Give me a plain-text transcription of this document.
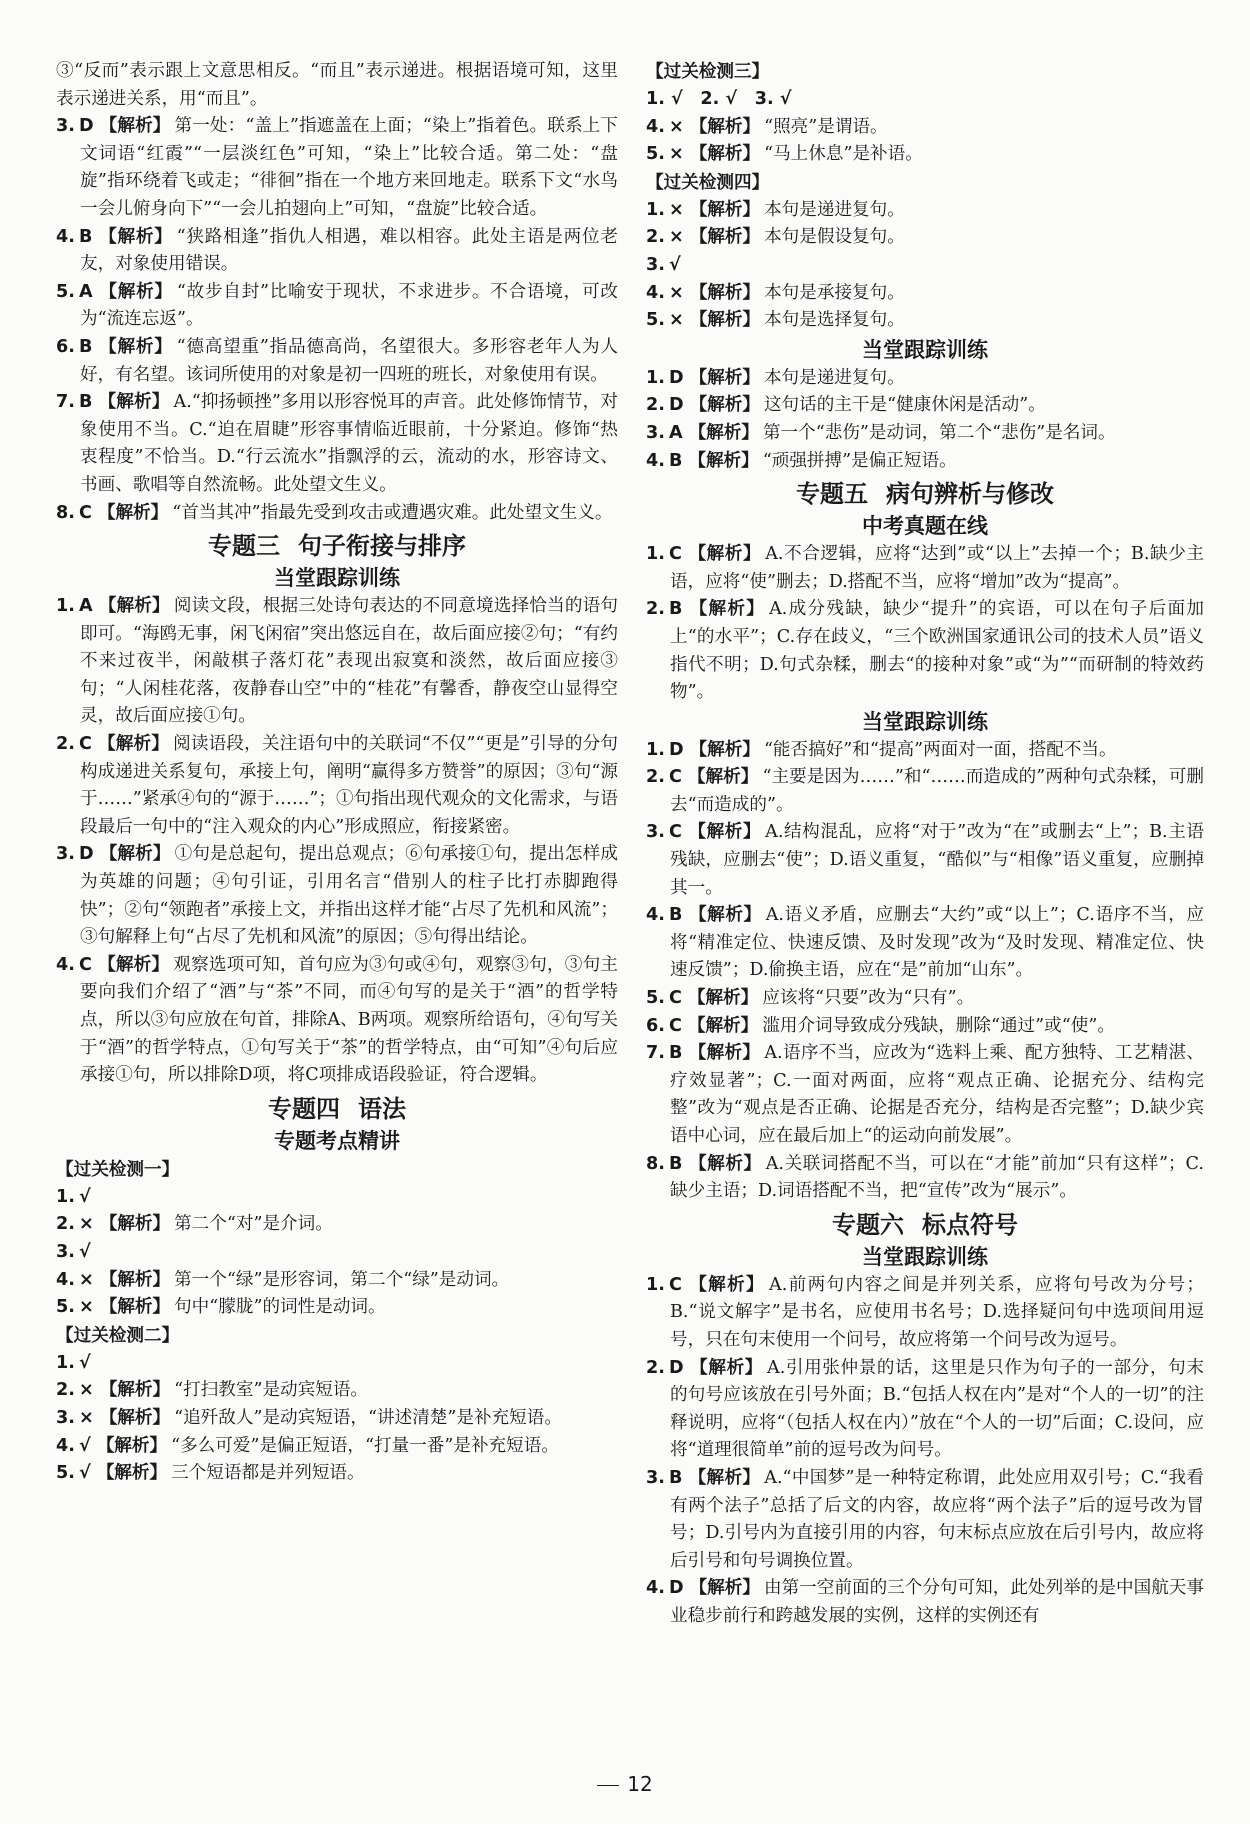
③“反而”表示跟上文意思相反。“而且”表示递进。根据语境可知，这里表示递进关系，用“而且”。

3. D 【解析】 第一处：“盖上”指遮盖在上面；“染上”指着色。联系上下文词语“红霞”“一层淡红色”可知，“染上”比较合适。第二处：“盘旋”指环绕着飞或走；“徘徊”指在一个地方来回地走。联系下文“水鸟一会儿俯身向下”“一会儿拍翅向上”可知，“盘旋”比较合适。

4. B 【解析】 “狭路相逢”指仇人相遇，难以相容。此处主语是两位老友，对象使用错误。

5. A 【解析】 “故步自封”比喻安于现状，不求进步。不合语境，可改为“流连忘返”。

6. B 【解析】 “德高望重”指品德高尚，名望很大。多形容老年人为人好，有名望。该词所使用的对象是初一四班的班长，对象使用有误。

7. B 【解析】 A.“抑扬顿挫”多用以形容悦耳的声音。此处修饰情节，对象使用不当。C.“迫在眉睫”形容事情临近眼前，十分紧迫。修饰“热衷程度”不恰当。D.“行云流水”指飘浮的云，流动的水，形容诗文、书画、歌唱等自然流畅。此处望文生义。

8. C 【解析】 “首当其冲”指最先受到攻击或遭遇灾难。此处望文生义。

专题三 句子衔接与排序
当堂跟踪训练

1. A 【解析】 阅读文段，根据三处诗句表达的不同意境选择恰当的语句即可。“海鸥无事，闲飞闲宿”突出悠远自在，故后面应接②句；“有约不来过夜半，闲敲棋子落灯花”表现出寂寞和淡然，故后面应接③句；“人闲桂花落，夜静春山空”中的“桂花”有馨香，静夜空山显得空灵，故后面应接①句。

2. C 【解析】 阅读语段，关注语句中的关联词“不仅”“更是”引导的分句构成递进关系复句，承接上句，阐明“赢得多方赞誉”的原因；③句“源于……”紧承④句的“源于……”；①句指出现代观众的文化需求，与语段最后一句中的“注入观众的内心”形成照应，衔接紧密。

3. D 【解析】 ①句是总起句，提出总观点；⑥句承接①句，提出怎样成为英雄的问题；④句引证，引用名言“借别人的柱子比打赤脚跑得快”；②句“领跑者”承接上文，并指出这样才能“占尽了先机和风流”；③句解释上句“占尽了先机和风流”的原因；⑤句得出结论。

4. C 【解析】 观察选项可知，首句应为③句或④句，观察③句，③句主要向我们介绍了“酒”与“茶”不同，而④句写的是关于“酒”的哲学特点，所以③句应放在句首，排除A、B两项。观察所给语句，④句写关于“酒”的哲学特点，①句写关于“茶”的哲学特点，由“可知”④句后应承接①句，所以排除D项，将C项排成语段验证，符合逻辑。

专题四 语法
专题考点精讲

【过关检测一】

1. √

2. × 【解析】 第二个“对”是介词。

3. √

4. × 【解析】 第一个“绿”是形容词，第二个“绿”是动词。

5. × 【解析】 句中“朦胧”的词性是动词。

【过关检测二】

1. √

2. × 【解析】 “打扫教室”是动宾短语。

3. × 【解析】 “追歼敌人”是动宾短语，“讲述清楚”是补充短语。

4. √ 【解析】 “多么可爱”是偏正短语，“打量一番”是补充短语。

5. √ 【解析】 三个短语都是并列短语。

【过关检测三】

1. √　2. √　3. √

4. × 【解析】 “照亮”是谓语。

5. × 【解析】 “马上休息”是补语。

【过关检测四】

1. × 【解析】 本句是递进复句。

2. × 【解析】 本句是假设复句。

3. √

4. × 【解析】 本句是承接复句。

5. × 【解析】 本句是选择复句。

当堂跟踪训练

1. D 【解析】 本句是递进复句。

2. D 【解析】 这句话的主干是“健康休闲是活动”。

3. A 【解析】 第一个“悲伤”是动词，第二个“悲伤”是名词。

4. B 【解析】 “顽强拼搏”是偏正短语。

专题五 病句辨析与修改
中考真题在线

1. C 【解析】 A.不合逻辑，应将“达到”或“以上”去掉一个；B.缺少主语，应将“使”删去；D.搭配不当，应将“增加”改为“提高”。

2. B 【解析】 A.成分残缺，缺少“提升”的宾语，可以在句子后面加上“的水平”；C.存在歧义，“三个欧洲国家通讯公司的技术人员”语义指代不明；D.句式杂糅，删去“的接种对象”或“为”“而研制的特效药物”。

当堂跟踪训练

1. D 【解析】 “能否搞好”和“提高”两面对一面，搭配不当。

2. C 【解析】 “主要是因为……”和“……而造成的”两种句式杂糅，可删去“而造成的”。

3. C 【解析】 A.结构混乱，应将“对于”改为“在”或删去“上”；B.主语残缺，应删去“使”；D.语义重复，“酷似”与“相像”语义重复，应删掉其一。

4. B 【解析】 A.语义矛盾，应删去“大约”或“以上”；C.语序不当，应将“精准定位、快速反馈、及时发现”改为“及时发现、精准定位、快速反馈”；D.偷换主语，应在“是”前加“山东”。

5. C 【解析】 应该将“只要”改为“只有”。

6. C 【解析】 滥用介词导致成分残缺，删除“通过”或“使”。

7. B 【解析】 A.语序不当，应改为“选料上乘、配方独特、工艺精湛、疗效显著”；C.一面对两面，应将“观点正确、论据充分、结构完整”改为“观点是否正确、论据是否充分，结构是否完整”；D.缺少宾语中心词，应在最后加上“的运动向前发展”。

8. B 【解析】 A.关联词搭配不当，可以在“才能”前加“只有这样”；C.缺少主语；D.词语搭配不当，把“宣传”改为“展示”。

专题六 标点符号
当堂跟踪训练

1. C 【解析】 A.前两句内容之间是并列关系，应将句号改为分号；B.“说文解字”是书名，应使用书名号；D.选择疑问句中选项间用逗号，只在句末使用一个问号，故应将第一个问号改为逗号。

2. D 【解析】 A.引用张仲景的话，这里是只作为句子的一部分，句末的句号应该放在引号外面；B.“包括人权在内”是对“个人的一切”的注释说明，应将“（包括人权在内）”放在“个人的一切”后面；C.设问，应将“道理很简单”前的逗号改为问号。

3. B 【解析】 A.“中国梦”是一种特定称谓，此处应用双引号；C.“我看有两个法子”总括了后文的内容，故应将“两个法子”后的逗号改为冒号；D.引号内为直接引用的内容，句末标点应放在后引号内，故应将后引号和句号调换位置。

4. D 【解析】 由第一空前面的三个分句可知，此处列举的是中国航天事业稳步前行和跨越发展的实例，这样的实例还有

12
